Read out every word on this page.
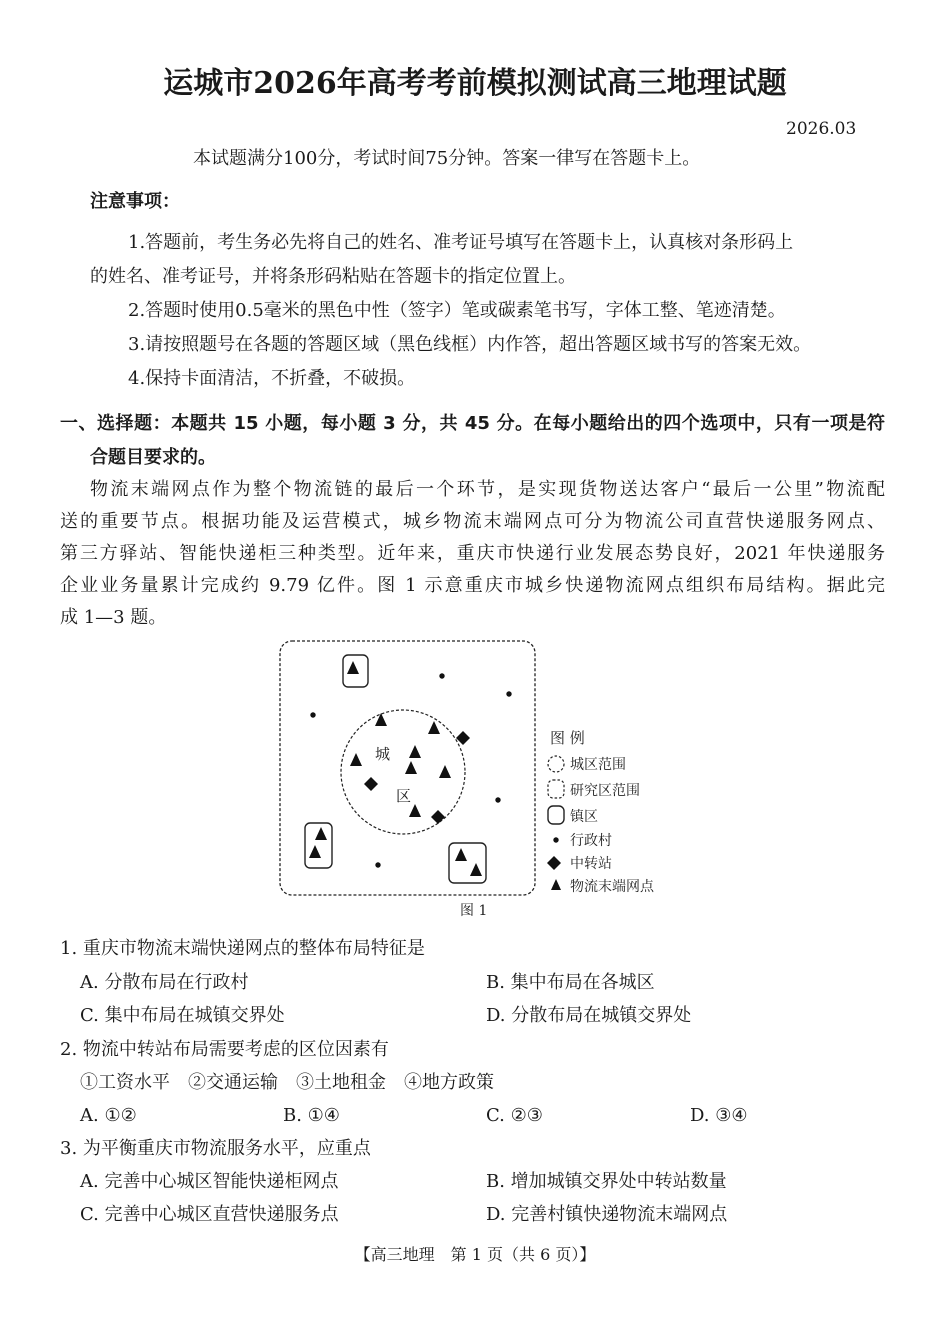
运城市2026年高考考前模拟测试高三地理试题
2026.03
本试题满分100分，考试时间75分钟。答案一律写在答题卡上。
注意事项：
1.答题前，考生务必先将自己的姓名、准考证号填写在答题卡上，认真核对条形码上
的姓名、准考证号，并将条形码粘贴在答题卡的指定位置上。
2.答题时使用0.5毫米的黑色中性（签字）笔或碳素笔书写，字体工整、笔迹清楚。
3.请按照题号在各题的答题区域（黑色线框）内作答，超出答题区域书写的答案无效。
4.保持卡面清洁，不折叠，不破损。
一、选择题：本题共 15 小题，每小题 3 分，共 45 分。在每小题给出的四个选项中，只有一项是符
合题目要求的。
物流末端网点作为整个物流链的最后一个环节，是实现货物送达客户“最后一公里”物流配
送的重要节点。根据功能及运营模式，城乡物流末端网点可分为物流公司直营快递服务网点、
第三方驿站、智能快递柜三种类型。近年来，重庆市快递行业发展态势良好，2021 年快递服务
企业业务量累计完成约 9.79 亿件。图 1 示意重庆市城乡快递物流网点组织布局结构。据此完
成 1—3 题。
城
区
图 1
图 例
城区范围
研究区范围
镇区
行政村
中转站
物流末端网点
1. 重庆市物流末端快递网点的整体布局特征是
A. 分散布局在行政村	B. 集中布局在各城区
C. 集中布局在城镇交界处	D. 分散布局在城镇交界处
2. 物流中转站布局需要考虑的区位因素有
①工资水平　②交通运输　③土地租金　④地方政策
A. ①②	B. ①④	C. ②③	D. ③④
3. 为平衡重庆市物流服务水平，应重点
A. 完善中心城区智能快递柜网点	B. 增加城镇交界处中转站数量
C. 完善中心城区直营快递服务点	D. 完善村镇快递物流末端网点
【高三地理　第 1 页（共 6 页）】
